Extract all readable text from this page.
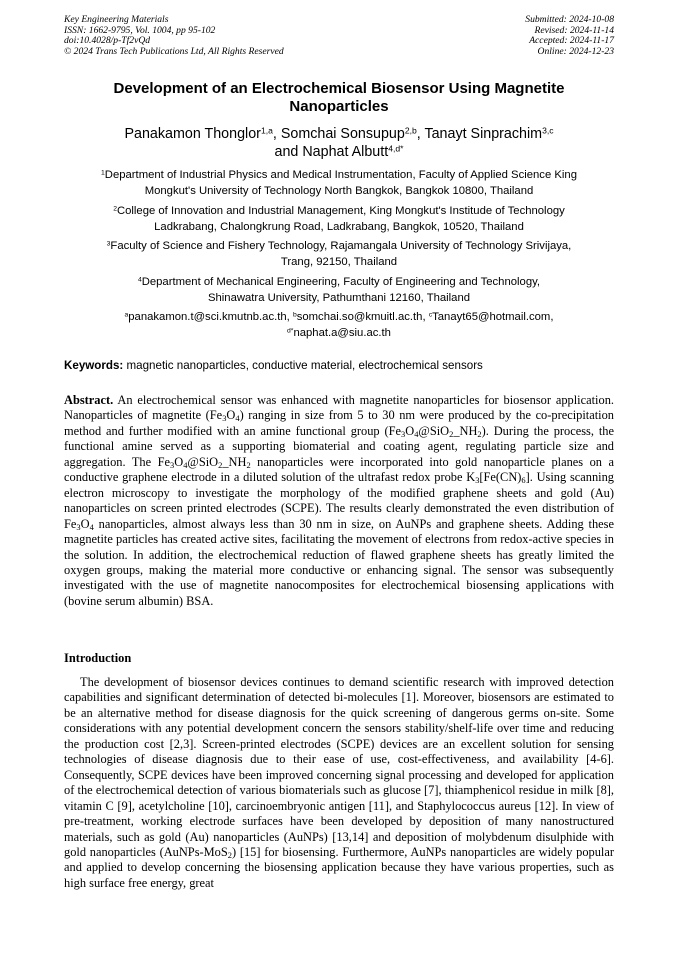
Key Engineering Materials
ISSN: 1662-9795, Vol. 1004, pp 95-102
doi:10.4028/p-Tf2vQd
© 2024 Trans Tech Publications Ltd, All Rights Reserved
Submitted: 2024-10-08
Revised: 2024-11-14
Accepted: 2024-11-17
Online: 2024-12-23
Development of an Electrochemical Biosensor Using Magnetite
Nanoparticles
Panakamon Thonglor$^{1,a}$, Somchai Sonsupup$^{2,b}$, Tanayt Sinprachim$^{3,c}$
and Naphat Albutt$^{4,d*}$
$^1$Department of Industrial Physics and Medical Instrumentation, Faculty of Applied Science King
Mongkut's University of Technology North Bangkok, Bangkok 10800, Thailand
$^2$College of Innovation and Industrial Management, King Mongkut's Institude of Technology
Ladkrabang, Chalongkrung Road, Ladkrabang, Bangkok, 10520, Thailand
$^3$Faculty of Science and Fishery Technology, Rajamangala University of Technology Srivijaya,
Trang, 92150, Thailand
$^4$Department of Mechanical Engineering, Faculty of Engineering and Technology,
Shinawatra University, Pathumthani 12160, Thailand
$^a$panakamon.t@sci.kmutnb.ac.th, $^b$somchai.so@kmuitl.ac.th, $^c$Tanayt65@hotmail.com,
$^{d*}$naphat.a@siu.ac.th
Keywords: magnetic nanoparticles, conductive material, electrochemical sensors
Abstract. An electrochemical sensor was enhanced with magnetite nanoparticles for biosensor application. Nanoparticles of magnetite $(Fe_3O_4)$ ranging in size from 5 to 30 nm were produced by the co-precipitation method and further modified with an amine functional group $(Fe_3O_4@SiO_2\_NH_2)$. During the process, the functional amine served as a supporting biomaterial and coating agent, regulating particle size and aggregation. The $Fe_3O_4@SiO_2\_NH_2$ nanoparticles were incorporated into gold nanoparticle planes on a conductive graphene electrode in a diluted solution of the ultrafast redox probe $K_3[Fe(CN)_6]$. Using scanning electron microscopy to investigate the morphology of the modified graphene sheets and gold (Au) nanoparticles on screen printed electrodes (SCPE). The results clearly demonstrated the even distribution of $Fe_3O_4$ nanoparticles, almost always less than 30 nm in size, on AuNPs and graphene sheets. Adding these magnetite particles has created active sites, facilitating the movement of electrons from redox-active species in the solution. In addition, the electrochemical reduction of flawed graphene sheets has greatly limited the oxygen groups, making the material more conductive or enhancing signal. The sensor was subsequently investigated with the use of magnetite nanocomposites for electrochemical biosensing applications with (bovine serum albumin) BSA.
Introduction
The development of biosensor devices continues to demand scientific research with improved detection capabilities and significant determination of detected bi-molecules [1]. Moreover, biosensors are estimated to be an alternative method for disease diagnosis for the quick screening of dangerous germs on-site. Some considerations with any potential development concern the sensors stability/shelf-life over time and reducing the production cost [2,3]. Screen-printed electrodes (SCPE) devices are an excellent solution for sensing technologies of disease diagnosis due to their ease of use, cost-effectiveness, and availability [4-6]. Consequently, SCPE devices have been improved concerning signal processing and developed for application of the electrochemical detection of various biomaterials such as glucose [7], thiamphenicol residue in milk [8], vitamin C [9], acetylcholine [10], carcinoembryonic antigen [11], and Staphylococcus aureus [12]. In view of pre-treatment, working electrode surfaces have been developed by deposition of many nanostructured materials, such as gold (Au) nanoparticles (AuNPs) [13,14] and deposition of molybdenum disulphide with gold nanoparticles (AuNPs-MoS$_2$) [15] for biosensing. Furthermore, AuNPs nanoparticles are widely popular and applied to develop concerning the biosensing application because they have various properties, such as high surface free energy, great
